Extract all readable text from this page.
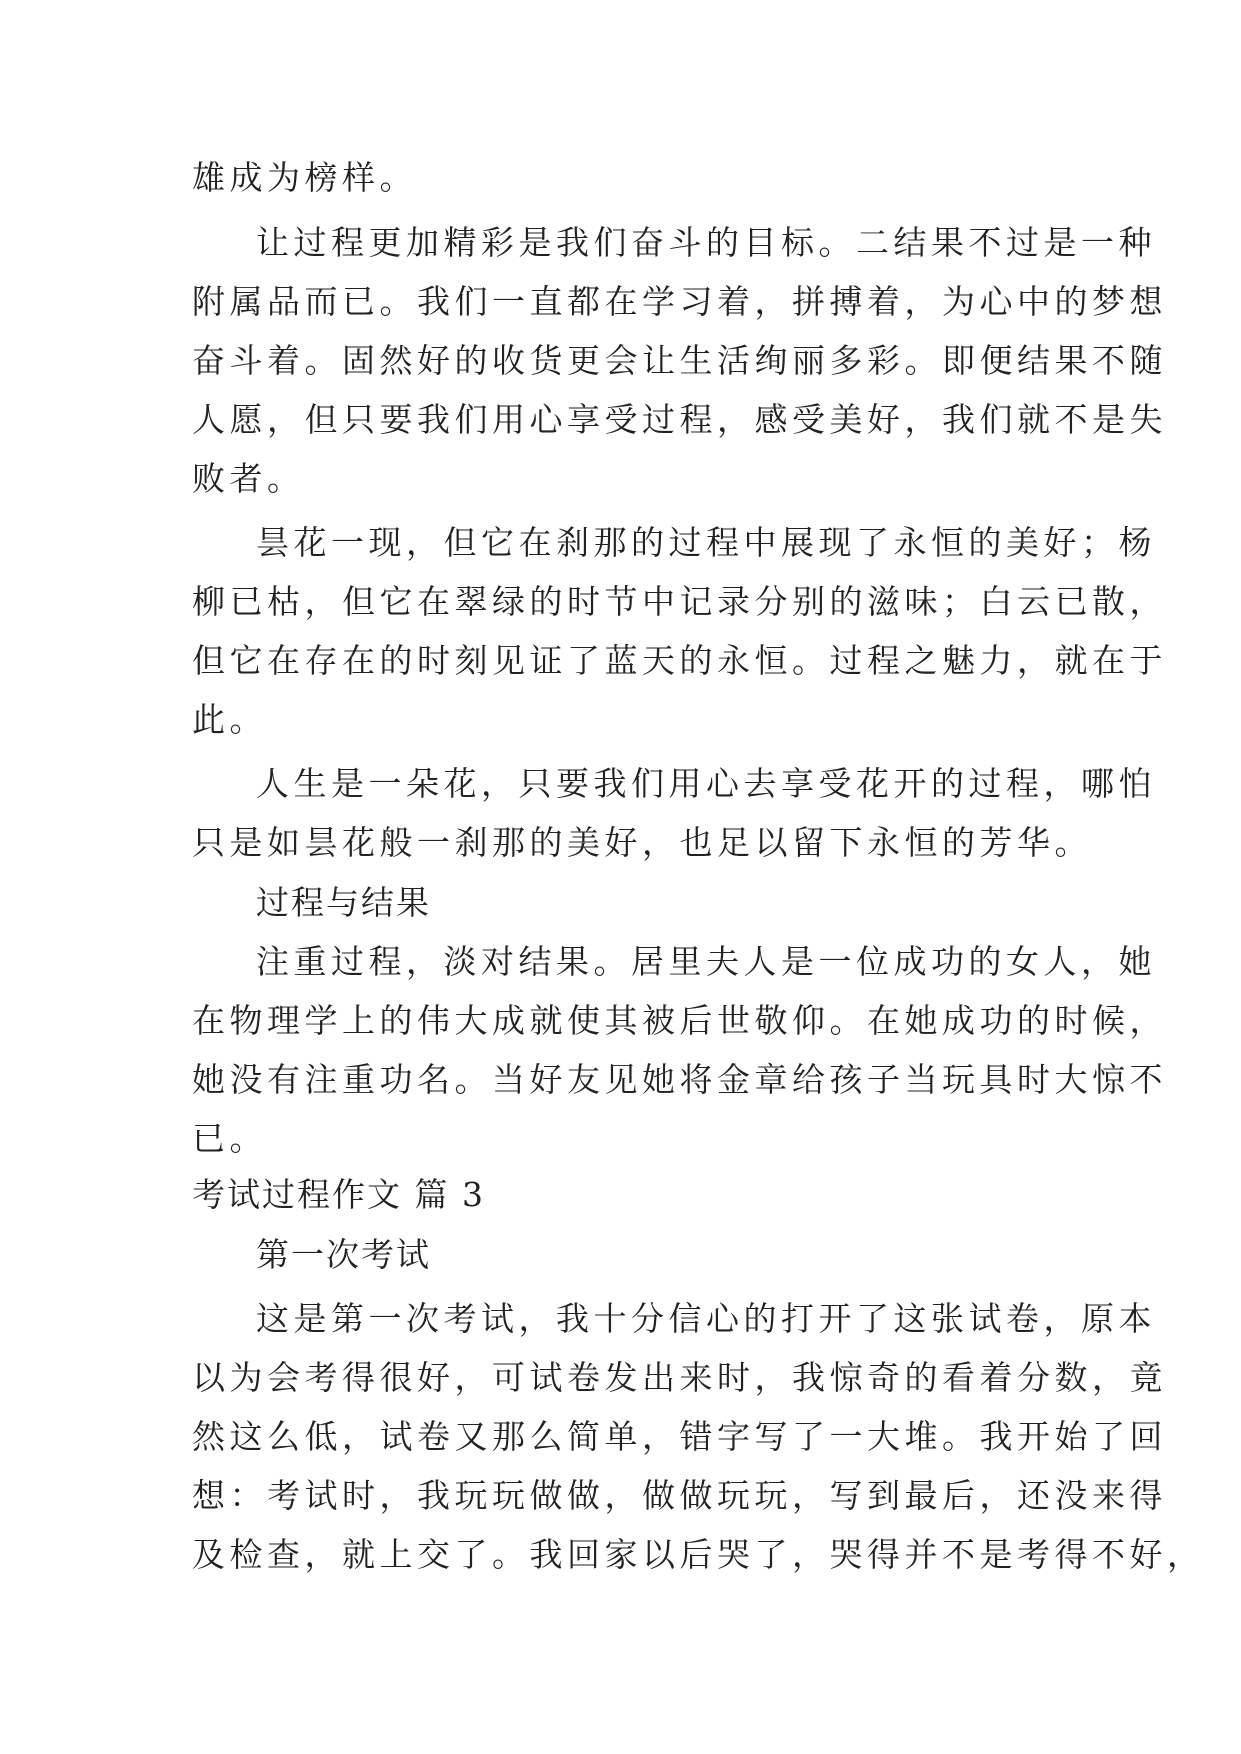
雄成为榜样。
让过程更加精彩是我们奋斗的目标。二结果不过是一种
附属品而已。我们一直都在学习着，拼搏着，为心中的梦想
奋斗着。固然好的收货更会让生活绚丽多彩。即便结果不随
人愿，但只要我们用心享受过程，感受美好，我们就不是失
败者。
昙花一现，但它在刹那的过程中展现了永恒的美好；杨
柳已枯，但它在翠绿的时节中记录分别的滋味；白云已散，
但它在存在的时刻见证了蓝天的永恒。过程之魅力，就在于
此。
人生是一朵花，只要我们用心去享受花开的过程，哪怕
只是如昙花般一刹那的美好，也足以留下永恒的芳华。
过程与结果
注重过程，淡对结果。居里夫人是一位成功的女人，她
在物理学上的伟大成就使其被后世敬仰。在她成功的时候，
她没有注重功名。当好友见她将金章给孩子当玩具时大惊不
已。
考试过程作文 篇 3
第一次考试
这是第一次考试，我十分信心的打开了这张试卷，原本
以为会考得很好，可试卷发出来时，我惊奇的看着分数，竟
然这么低，试卷又那么简单，错字写了一大堆。我开始了回
想：考试时，我玩玩做做，做做玩玩，写到最后，还没来得
及检查，就上交了。我回家以后哭了，哭得并不是考得不好，
